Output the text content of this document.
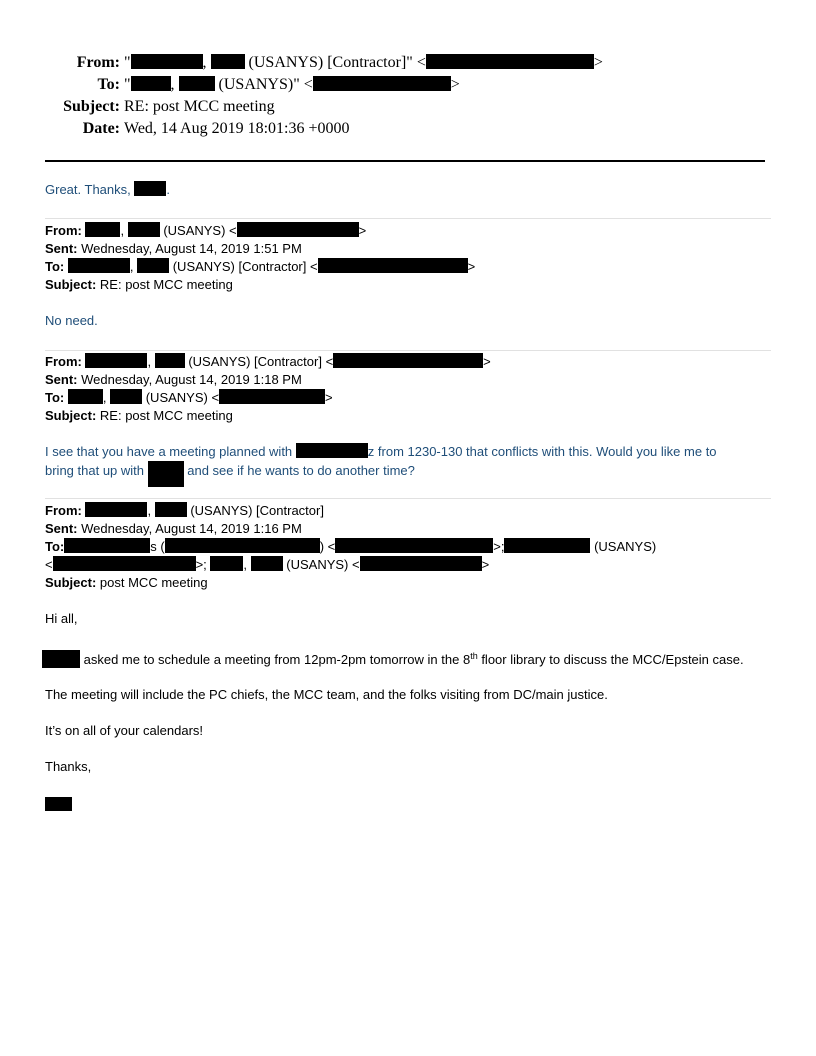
From: "	,  (USANYS) [Contractor]" <	>
To: "	,  (USANYS)" <	>
Subject: RE: post MCC meeting
Date: Wed, 14 Aug 2019 18:01:36 +0000
Great. Thanks, .
From:	,  (USANYS) <	>
Sent: Wednesday, August 14, 2019 1:51 PM
To:	,  (USANYS) [Contractor] <	>
Subject: RE: post MCC meeting
No need.
From:	,  (USANYS) [Contractor] <	>
Sent: Wednesday, August 14, 2019 1:18 PM
To:	,  (USANYS) <	>
Subject: RE: post MCC meeting
I see that you have a meeting planned with	z from 1230-130 that conflicts with this. Would you like me to
bring that up with	and see if he wants to do another time?
From:	,  (USANYS) [Contractor]
Sent: Wednesday, August 14, 2019 1:16 PM
To:	s (	) <	>;	(USANYS)
<	>;	,  (USANYS) <	>
Subject: post MCC meeting
Hi all,
asked me to schedule a meeting from 12pm-2pm tomorrow in the 8th floor library to discuss the MCC/Epstein case.
The meeting will include the PC chiefs, the MCC team, and the folks visiting from DC/main justice.
It’s on all of your calendars!
Thanks,
